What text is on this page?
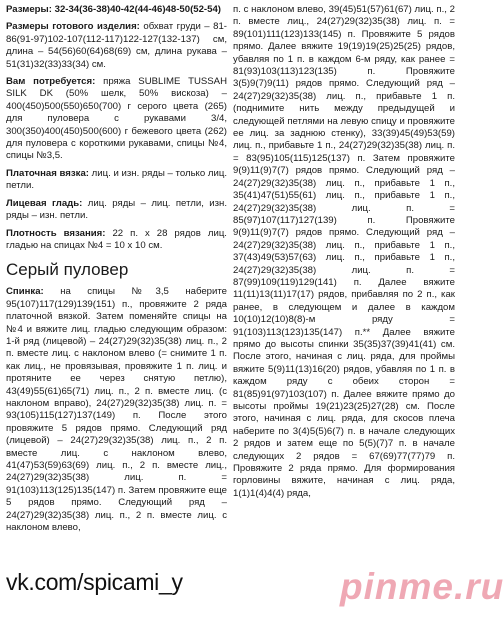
Размеры: 32-34(36-38)40-42(44-46)48-50(52-54)

Размеры готового изделия: обхват груди – 81-86(91-97)102-107(112-117)122-127(132-137) см, длина – 54(56)60(64)68(69) см, длина рукава – 51(31)32(33)33(34) см.

Вам потребуется: пряжа SUBLIME TUSSAH SILK DK (50% шелк, 50% вискоза) – 400(450)500(550)650(700) г серого цвета (265) для пуловера с рукавами 3/4, 300(350)400(450)500(600) г бежевого цвета (262) для пуловера с короткими рукавами, спицы №4, спицы №3,5.

Платочная вязка: лиц. и изн. ряды – только лиц. петли.

Лицевая гладь: лиц. ряды – лиц. петли, изн. ряды – изн. петли.

Плотность вязания: 22 п. х 28 рядов лиц. гладью на спицах №4 = 10 х 10 см.

Серый пуловер

Спинка: на спицы №3,5 наберите 95(107)117(129)139(151) п., провяжите 2 ряда платочной вязкой. Затем поменяйте спицы на №4 и вяжите лиц. гладью следующим образом: 1-й ряд (лицевой) – 24(27)29(32)35(38) лиц. п., 2 п. вместе лиц. с наклоном влево (= снимите 1 п. как лиц., не провязывая, провяжите 1 п. лиц. и протяните ее через снятую петлю), 43(49)55(61)65(71) лиц. п., 2 п. вместе лиц. (с наклоном вправо), 24(27)29(32)35(38) лиц. п. = 93(105)115(127)137(149) п. После этого провяжите 5 рядов прямо. Следующий ряд (лицевой) – 24(27)29(32)35(38) лиц. п., 2 п. вместе лиц. с наклоном влево, 41(47)53(59)63(69) лиц. п., 2 п. вместе лиц., 24(27)29(32)35(38) лиц. п. = 91(103)113(125)135(147) п. Затем провяжите еще 5 рядов прямо. Следующий ряд – 24(27)29(32)35(38) лиц. п., 2 п. вместе лиц. с наклоном влево,

п. с наклоном влево, 39(45)51(57)61(67) лиц. п., 2 п. вместе лиц., 24(27)29(32)35(38) лиц. п. = 89(101)111(123)133(145) п. Провяжите 5 рядов прямо. Далее вяжите 19(19)19(25)25(25) рядов, убавляя по 1 п. в каждом 6-м ряду, как ранее = 81(93)103(113)123(135) п. Провяжите 3(5)9(7)9(11) рядов прямо. Следующий ряд – 24(27)29(32)35(38) лиц. п., прибавьте 1 п. (поднимите нить между предыдущей и следующей петлями на левую спицу и провяжите ее лиц. за заднюю стенку), 33(39)45(49)53(59) лиц. п., прибавьте 1 п., 24(27)29(32)35(38) лиц. п. = 83(95)105(115)125(137) п. Затем провяжите 9(9)11(9)7(7) рядов прямо. Следующий ряд – 24(27)29(32)35(38) лиц. п., прибавьте 1 п., 35(41)47(51)55(61) лиц. п., прибавьте 1 п., 24(27)29(32)35(38) лиц. п. = 85(97)107(117)127(139) п. Провяжите 9(9)11(9)7(7) рядов прямо. Следующий ряд – 24(27)29(32)35(38) лиц. п., прибавьте 1 п., 37(43)49(53)57(63) лиц. п., прибавьте 1 п., 24(27)29(32)35(38) лиц. п. = 87(99)109(119)129(141) п. Далее вяжите 11(11)13(11)17(17) рядов, прибавляя по 2 п., как ранее, в следующем и далее в каждом 10(10)12(10)8(8)-м ряду = 91(103)113(123)135(147) п.** Далее вяжите прямо до высоты спинки 35(35)37(39)41(41) см. После этого, начиная с лиц. ряда, для проймы вяжите 5(9)11(13)16(20) рядов, убавляя по 1 п. в каждом ряду с обеих сторон = 81(85)91(97)103(107) п. Далее вяжите прямо до высоты проймы 19(21)23(25)27(28) см. После этого, начиная с лиц. ряда, для скосов плеча наберите по 3(4)5(5)6(7) п. в начале следующих 2 рядов и затем еще по 5(5)(7)7 п. в начале следующих 2 рядов = 67(69)77(77)79 п. Провяжите 2 ряда прямо. Для формирования горловины вяжите, начиная с лиц. ряда, 1(1)1(4)4(4) ряда,

vk.com/spicami_y	pinme.ru
